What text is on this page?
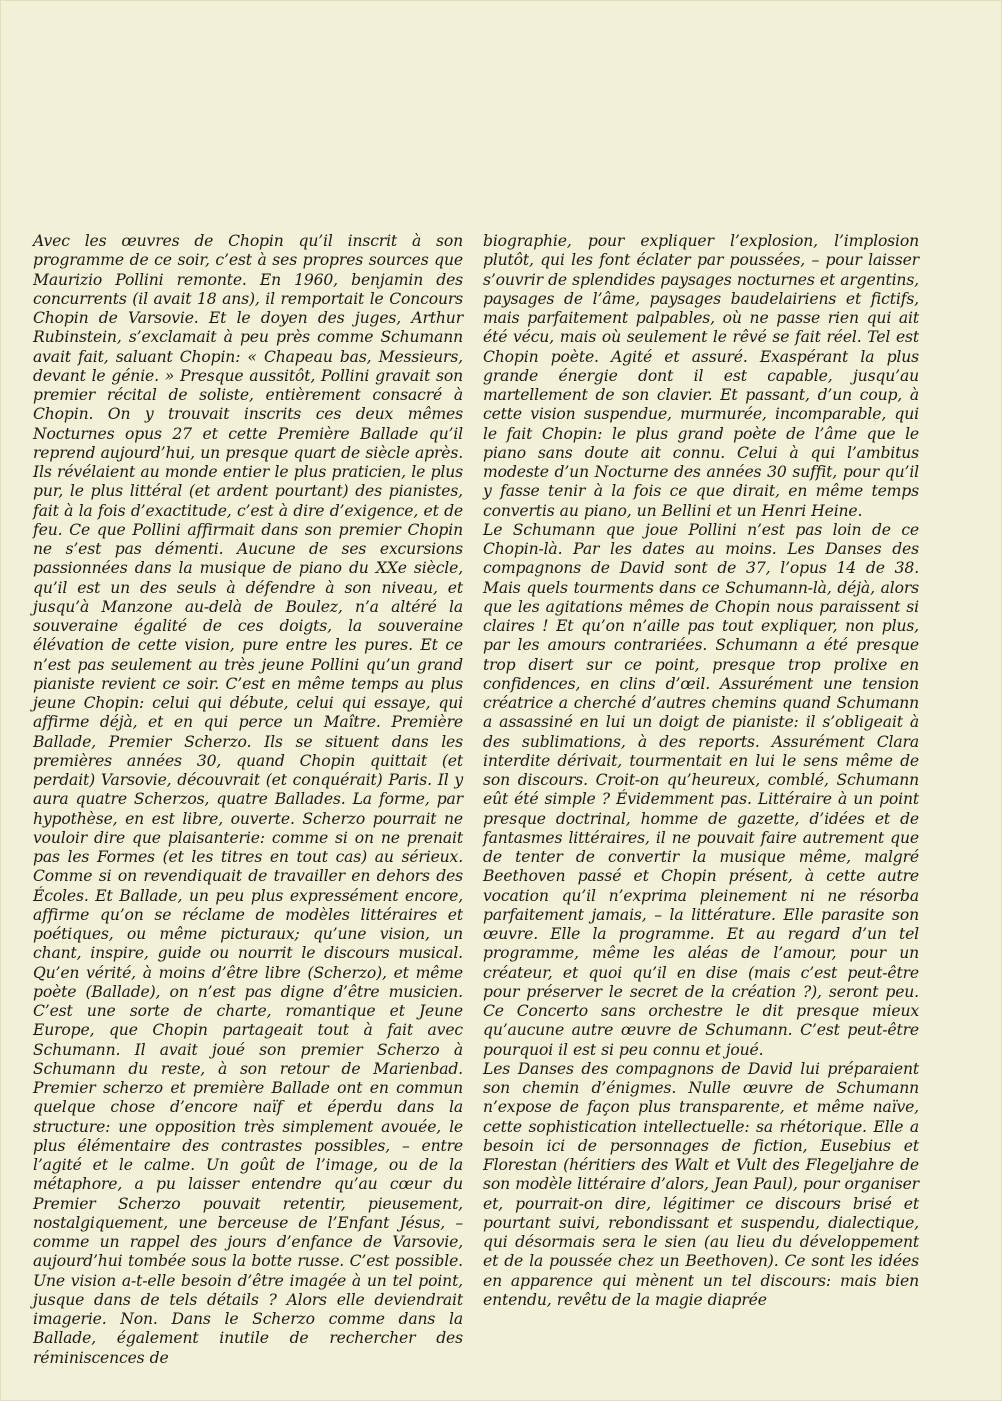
Avec les œuvres de Chopin qu’il inscrit à son programme de ce soir, c’est à ses propres sources que Maurizio Pollini remonte. En 1960, benjamin des concurrents (il avait 18 ans), il remportait le Concours Chopin de Varsovie. Et le doyen des juges, Arthur Rubinstein, s’exclamait à peu près comme Schumann avait fait, saluant Chopin: « Chapeau bas, Messieurs, devant le génie. » Presque aussitôt, Pollini gravait son premier récital de soliste, entièrement consacré à Chopin. On y trouvait inscrits ces deux mêmes Nocturnes opus 27 et cette Première Ballade qu’il reprend aujourd’hui, un presque quart de siècle après. Ils révélaient au monde entier le plus praticien, le plus pur, le plus littéral (et ardent pourtant) des pianistes, fait à la fois d’exactitude, c’est à dire d’exigence, et de feu. Ce que Pollini affirmait dans son premier Chopin ne s’est pas démenti. Aucune de ses excursions passionnées dans la musique de piano du XXe siècle, qu’il est un des seuls à défendre à son niveau, et jusqu’à Manzone au-delà de Boulez, n’a altéré la souveraine égalité de ces doigts, la souveraine élévation de cette vision, pure entre les pures. Et ce n’est pas seulement au très jeune Pollini qu’un grand pianiste revient ce soir. C’est en même temps au plus jeune Chopin: celui qui débute, celui qui essaye, qui affirme déjà, et en qui perce un Maître. Première Ballade, Premier Scherzo. Ils se situent dans les premières années 30, quand Chopin quittait (et perdait) Varsovie, découvrait (et conquérait) Paris. Il y aura quatre Scherzos, quatre Ballades. La forme, par hypothèse, en est libre, ouverte. Scherzo pourrait ne vouloir dire que plaisanterie: comme si on ne prenait pas les Formes (et les titres en tout cas) au sérieux. Comme si on revendiquait de travailler en dehors des Écoles. Et Ballade, un peu plus expressément encore, affirme qu’on se réclame de modèles littéraires et poétiques, ou même picturaux; qu’une vision, un chant, inspire, guide ou nourrit le discours musical. Qu’en vérité, à moins d’être libre (Scherzo), et même poète (Ballade), on n’est pas digne d’être musicien. C’est une sorte de charte, romantique et Jeune Europe, que Chopin partageait tout à fait avec Schumann. Il avait joué son premier Scherzo à Schumann du reste, à son retour de Marienbad. Premier scherzo et première Ballade ont en commun quelque chose d’encore naïf et éperdu dans la structure: une opposition très simplement avouée, le plus élémentaire des contrastes possibles, – entre l’agité et le calme. Un goût de l’image, ou de la métaphore, a pu laisser entendre qu’au cœur du Premier Scherzo pouvait retentir, pieusement, nostalgiquement, une berceuse de l’Enfant Jésus, – comme un rappel des jours d’enfance de Varsovie, aujourd’hui tombée sous la botte russe. C’est possible. Une vision a-t-elle besoin d’être imagée à un tel point, jusque dans de tels détails ? Alors elle deviendrait imagerie. Non. Dans le Scherzo comme dans la Ballade, également inutile de rechercher des réminiscences de

biographie, pour expliquer l’explosion, l’implosion plutôt, qui les font éclater par poussées, – pour laisser s’ouvrir de splendides paysages nocturnes et argentins, paysages de l’âme, paysages baudelairiens et fictifs, mais parfaitement palpables, où ne passe rien qui ait été vécu, mais où seulement le rêvé se fait réel. Tel est Chopin poète. Agité et assuré. Exaspérant la plus grande énergie dont il est capable, jusqu’au martellement de son clavier. Et passant, d’un coup, à cette vision suspendue, murmurée, incomparable, qui le fait Chopin: le plus grand poète de l’âme que le piano sans doute ait connu. Celui à qui l’ambitus modeste d’un Nocturne des années 30 suffit, pour qu’il y fasse tenir à la fois ce que dirait, en même temps convertis au piano, un Bellini et un Henri Heine.

Le Schumann que joue Pollini n’est pas loin de ce Chopin-là. Par les dates au moins. Les Danses des compagnons de David sont de 37, l’opus 14 de 38. Mais quels tourments dans ce Schumann-là, déjà, alors que les agitations mêmes de Chopin nous paraissent si claires ! Et qu’on n’aille pas tout expliquer, non plus, par les amours contrariées. Schumann a été presque trop disert sur ce point, presque trop prolixe en confidences, en clins d’œil. Assurément une tension créatrice a cherché d’autres chemins quand Schumann a assassiné en lui un doigt de pianiste: il s’obligeait à des sublimations, à des reports. Assurément Clara interdite dérivait, tourmentait en lui le sens même de son discours. Croit-on qu’heureux, comblé, Schumann eût été simple ? Évidemment pas. Littéraire à un point presque doctrinal, homme de gazette, d’idées et de fantasmes littéraires, il ne pouvait faire autrement que de tenter de convertir la musique même, malgré Beethoven passé et Chopin présent, à cette autre vocation qu’il n’exprima pleinement ni ne résorba parfaitement jamais, – la littérature. Elle parasite son œuvre. Elle la programme. Et au regard d’un tel programme, même les aléas de l’amour, pour un créateur, et quoi qu’il en dise (mais c’est peut-être pour préserver le secret de la création ?), seront peu. Ce Concerto sans orchestre le dit presque mieux qu’aucune autre œuvre de Schumann. C’est peut-être pourquoi il est si peu connu et joué.

Les Danses des compagnons de David lui préparaient son chemin d’énigmes. Nulle œuvre de Schumann n’expose de façon plus transparente, et même naïve, cette sophistication intellectuelle: sa rhétorique. Elle a besoin ici de personnages de fiction, Eusebius et Florestan (héritiers des Walt et Vult des Flegeljahre de son modèle littéraire d’alors, Jean Paul), pour organiser et, pourrait-on dire, légitimer ce discours brisé et pourtant suivi, rebondissant et suspendu, dialectique, qui désormais sera le sien (au lieu du développement et de la poussée chez un Beethoven). Ce sont les idées en apparence qui mènent un tel discours: mais bien entendu, revêtu de la magie diaprée
